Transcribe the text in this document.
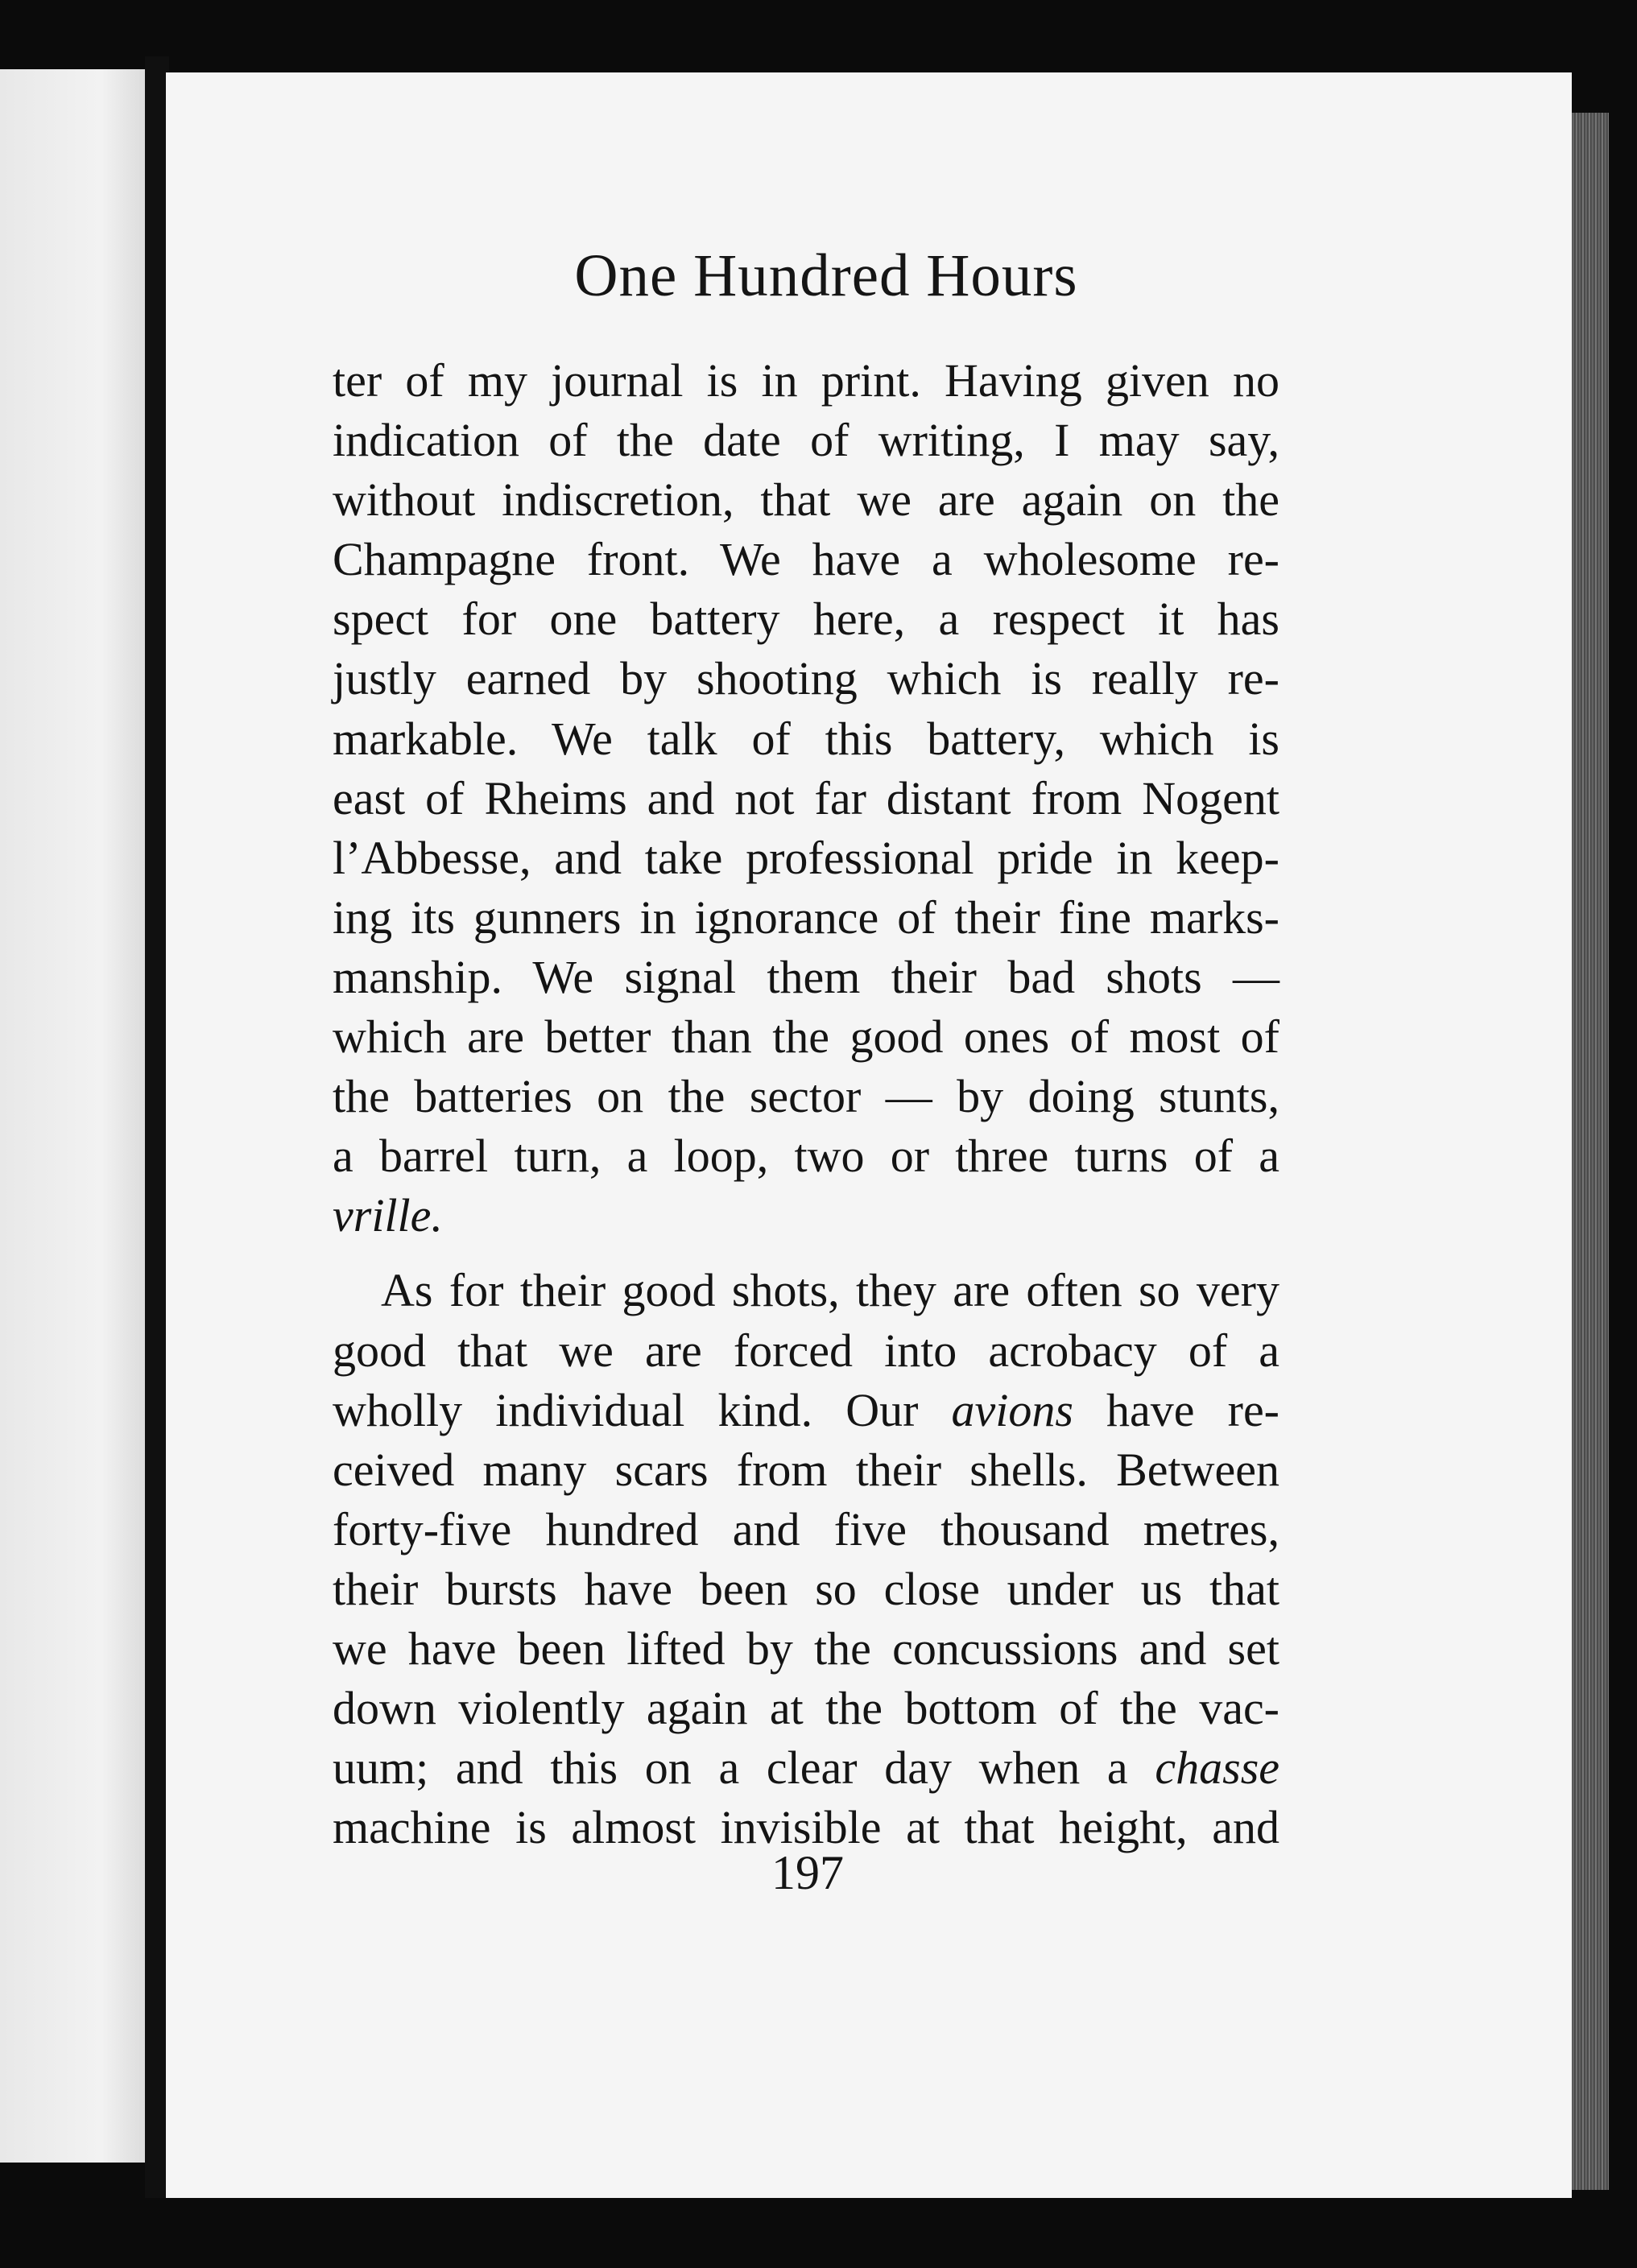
One Hundred Hours
ter of my journal is in print. Having given no
indication of the date of writing, I may say,
without indiscretion, that we are again on the
Champagne front. We have a wholesome re-
spect for one battery here, a respect it has
justly earned by shooting which is really re-
markable. We talk of this battery, which is
east of Rheims and not far distant from Nogent
l’Abbesse, and take professional pride in keep-
ing its gunners in ignorance of their fine marks-
manship. We signal them their bad shots —
which are better than the good ones of most of
the batteries on the sector — by doing stunts,
a barrel turn, a loop, two or three turns of a
vrille.
As for their good shots, they are often so very
good that we are forced into acrobacy of a
wholly individual kind. Our avions have re-
ceived many scars from their shells. Between
forty-five hundred and five thousand metres,
their bursts have been so close under us that
we have been lifted by the concussions and set
down violently again at the bottom of the vac-
uum; and this on a clear day when a chasse
machine is almost invisible at that height, and
197
